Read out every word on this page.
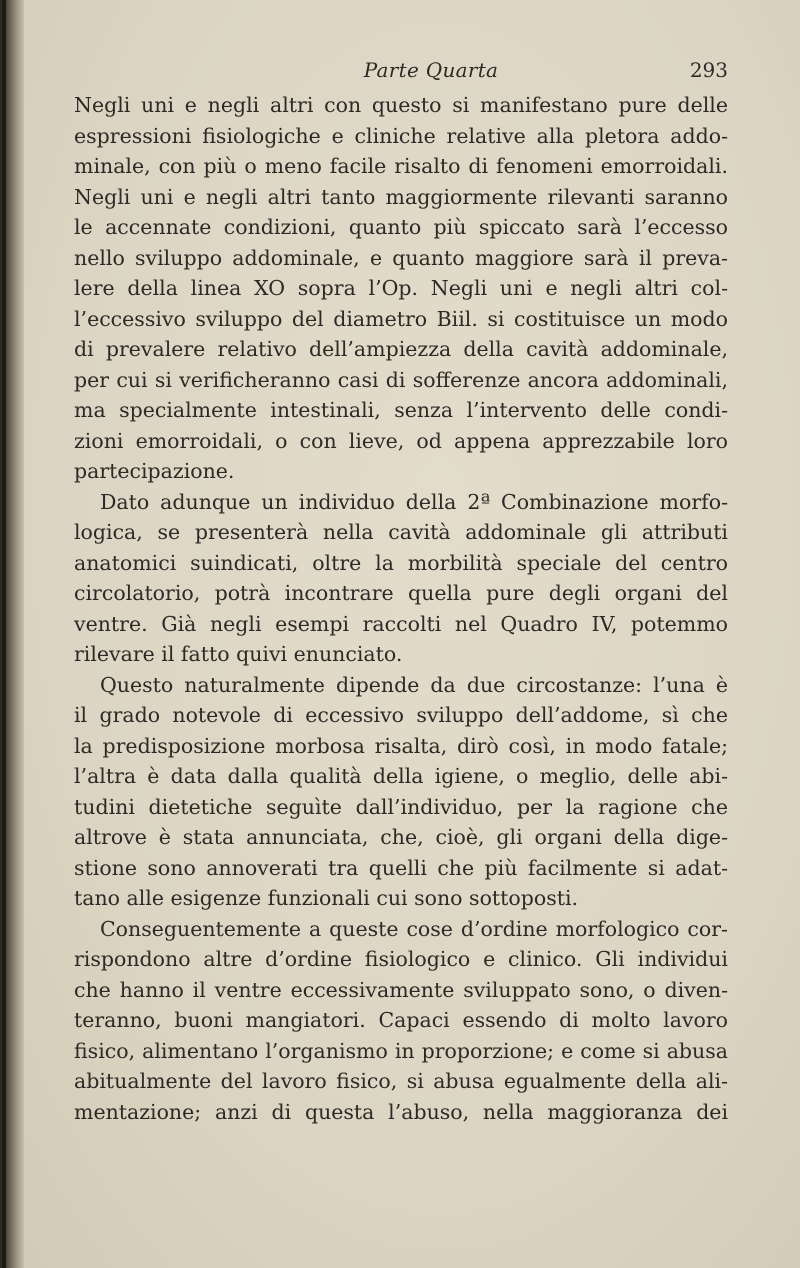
Parte Quarta	293
Negli uni e negli altri con questo si manifestano pure delle
espressioni fisiologiche e cliniche relative alla pletora addo-
minale, con più o meno facile risalto di fenomeni emorroidali.
Negli uni e negli altri tanto maggiormente rilevanti saranno
le accennate condizioni, quanto più spiccato sarà l’eccesso
nello sviluppo addominale, e quanto maggiore sarà il preva-
lere della linea XO sopra l’Op. Negli uni e negli altri col-
l’eccessivo sviluppo del diametro Biil. si costituisce un modo
di prevalere relativo dell’ampiezza della cavità addominale,
per cui si verificheranno casi di sofferenze ancora addominali,
ma specialmente intestinali, senza l’intervento delle condi-
zioni emorroidali, o con lieve, od appena apprezzabile loro
partecipazione.
Dato adunque un individuo della 2ª Combinazione morfo-
logica, se presenterà nella cavità addominale gli attributi
anatomici suindicati, oltre la morbilità speciale del centro
circolatorio, potrà incontrare quella pure degli organi del
ventre. Già negli esempi raccolti nel Quadro IV, potemmo
rilevare il fatto quivi enunciato.
Questo naturalmente dipende da due circostanze: l’una è
il grado notevole di eccessivo sviluppo dell’addome, sì che
la predisposizione morbosa risalta, dirò così, in modo fatale;
l’altra è data dalla qualità della igiene, o meglio, delle abi-
tudini dietetiche seguìte dall’individuo, per la ragione che
altrove è stata annunciata, che, cioè, gli organi della dige-
stione sono annoverati tra quelli che più facilmente si adat-
tano alle esigenze funzionali cui sono sottoposti.
Conseguentemente a queste cose d’ordine morfologico cor-
rispondono altre d’ordine fisiologico e clinico. Gli individui
che hanno il ventre eccessivamente sviluppato sono, o diven-
teranno, buoni mangiatori. Capaci essendo di molto lavoro
fisico, alimentano l’organismo in proporzione; e come si abusa
abitualmente del lavoro fisico, si abusa egualmente della ali-
mentazione; anzi di questa l’abuso, nella maggioranza dei
